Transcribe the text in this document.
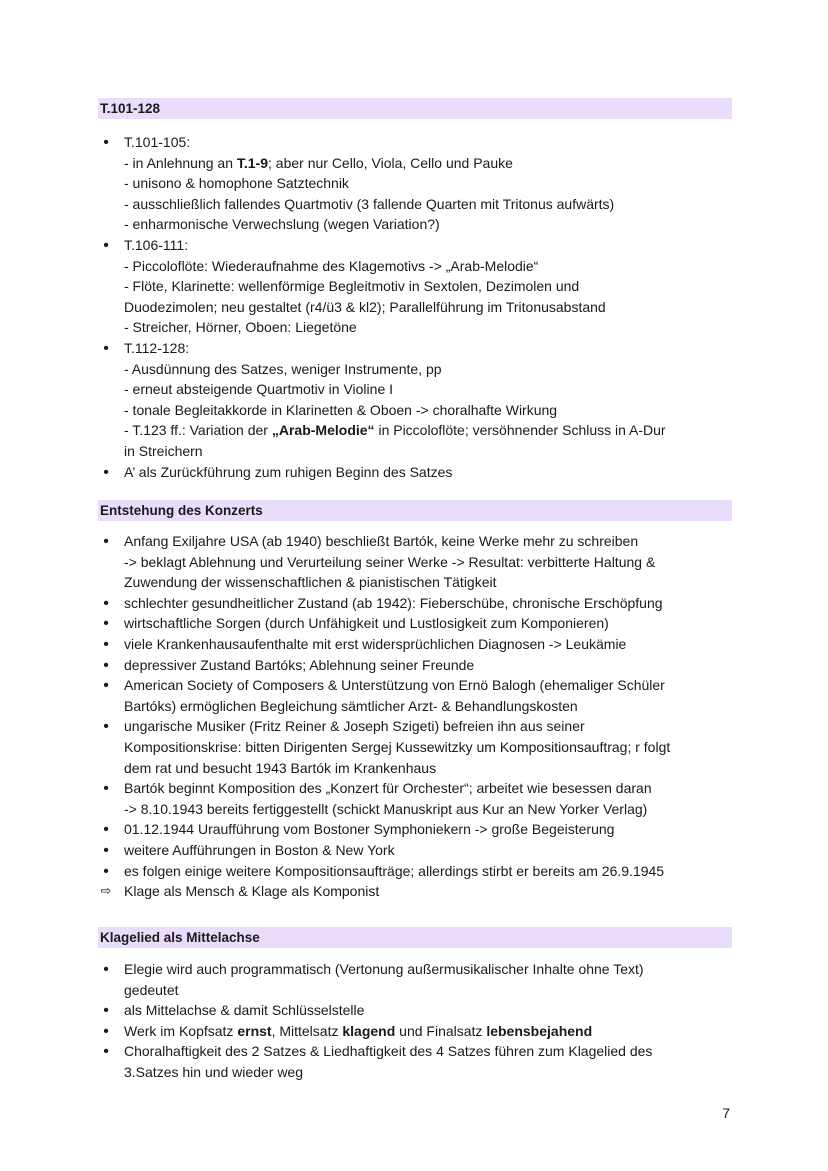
T.101-128
•
T.101-105:
- in Anlehnung an T.1-9; aber nur Cello, Viola, Cello und Pauke
- unisono & homophone Satztechnik
- ausschließlich fallendes Quartmotiv (3 fallende Quarten mit Tritonus aufwärts)
- enharmonische Verwechslung (wegen Variation?)
•
T.106-111:
- Piccoloflöte: Wiederaufnahme des Klagemotivs -> „Arab-Melodie“
- Flöte, Klarinette: wellenförmige Begleitmotiv in Sextolen, Dezimolen und
Duodezimolen; neu gestaltet (r4/ü3 & kl2); Parallelführung im Tritonusabstand
- Streicher, Hörner, Oboen: Liegetöne
•
T.112-128:
- Ausdünnung des Satzes, weniger Instrumente, pp
- erneut absteigende Quartmotiv in Violine I
- tonale Begleitakkorde in Klarinetten & Oboen -> choralhafte Wirkung
- T.123 ff.: Variation der „Arab-Melodie“ in Piccoloflöte; versöhnender Schluss in A-Dur
in Streichern
•
A’ als Zurückführung zum ruhigen Beginn des Satzes
Entstehung des Konzerts
•
Anfang Exiljahre USA (ab 1940) beschließt Bartók, keine Werke mehr zu schreiben
-> beklagt Ablehnung und Verurteilung seiner Werke -> Resultat: verbitterte Haltung &
Zuwendung der wissenschaftlichen & pianistischen Tätigkeit
•
schlechter gesundheitlicher Zustand (ab 1942): Fieberschübe, chronische Erschöpfung
•
wirtschaftliche Sorgen (durch Unfähigkeit und Lustlosigkeit zum Komponieren)
•
viele Krankenhausaufenthalte mit erst widersprüchlichen Diagnosen -> Leukämie
•
depressiver Zustand Bartóks; Ablehnung seiner Freunde
•
American Society of Composers & Unterstützung von Ernö Balogh (ehemaliger Schüler
Bartóks) ermöglichen Begleichung sämtlicher Arzt- & Behandlungskosten
•
ungarische Musiker (Fritz Reiner & Joseph Szigeti) befreien ihn aus seiner
Kompositionskrise: bitten Dirigenten Sergej Kussewitzky um Kompositionsauftrag; r folgt
dem rat und besucht 1943 Bartók im Krankenhaus
•
Bartók beginnt Komposition des „Konzert für Orchester“; arbeitet wie besessen daran
-> 8.10.1943 bereits fertiggestellt (schickt Manuskript aus Kur an New Yorker Verlag)
•
01.12.1944 Uraufführung vom Bostoner Symphoniekern -> große Begeisterung
•
weitere Aufführungen in Boston & New York
•
es folgen einige weitere Kompositionsaufträge; allerdings stirbt er bereits am 26.9.1945
⇨ Klage als Mensch & Klage als Komponist
Klagelied als Mittelachse
•
Elegie wird auch programmatisch (Vertonung außermusikalischer Inhalte ohne Text)
gedeutet
•
als Mittelachse & damit Schlüsselstelle
•
Werk im Kopfsatz ernst, Mittelsatz klagend und Finalsatz lebensbejahend
•
Choralhaftigkeit des 2 Satzes & Liedhaftigkeit des 4 Satzes führen zum Klagelied des
3.Satzes hin und wieder weg
7
